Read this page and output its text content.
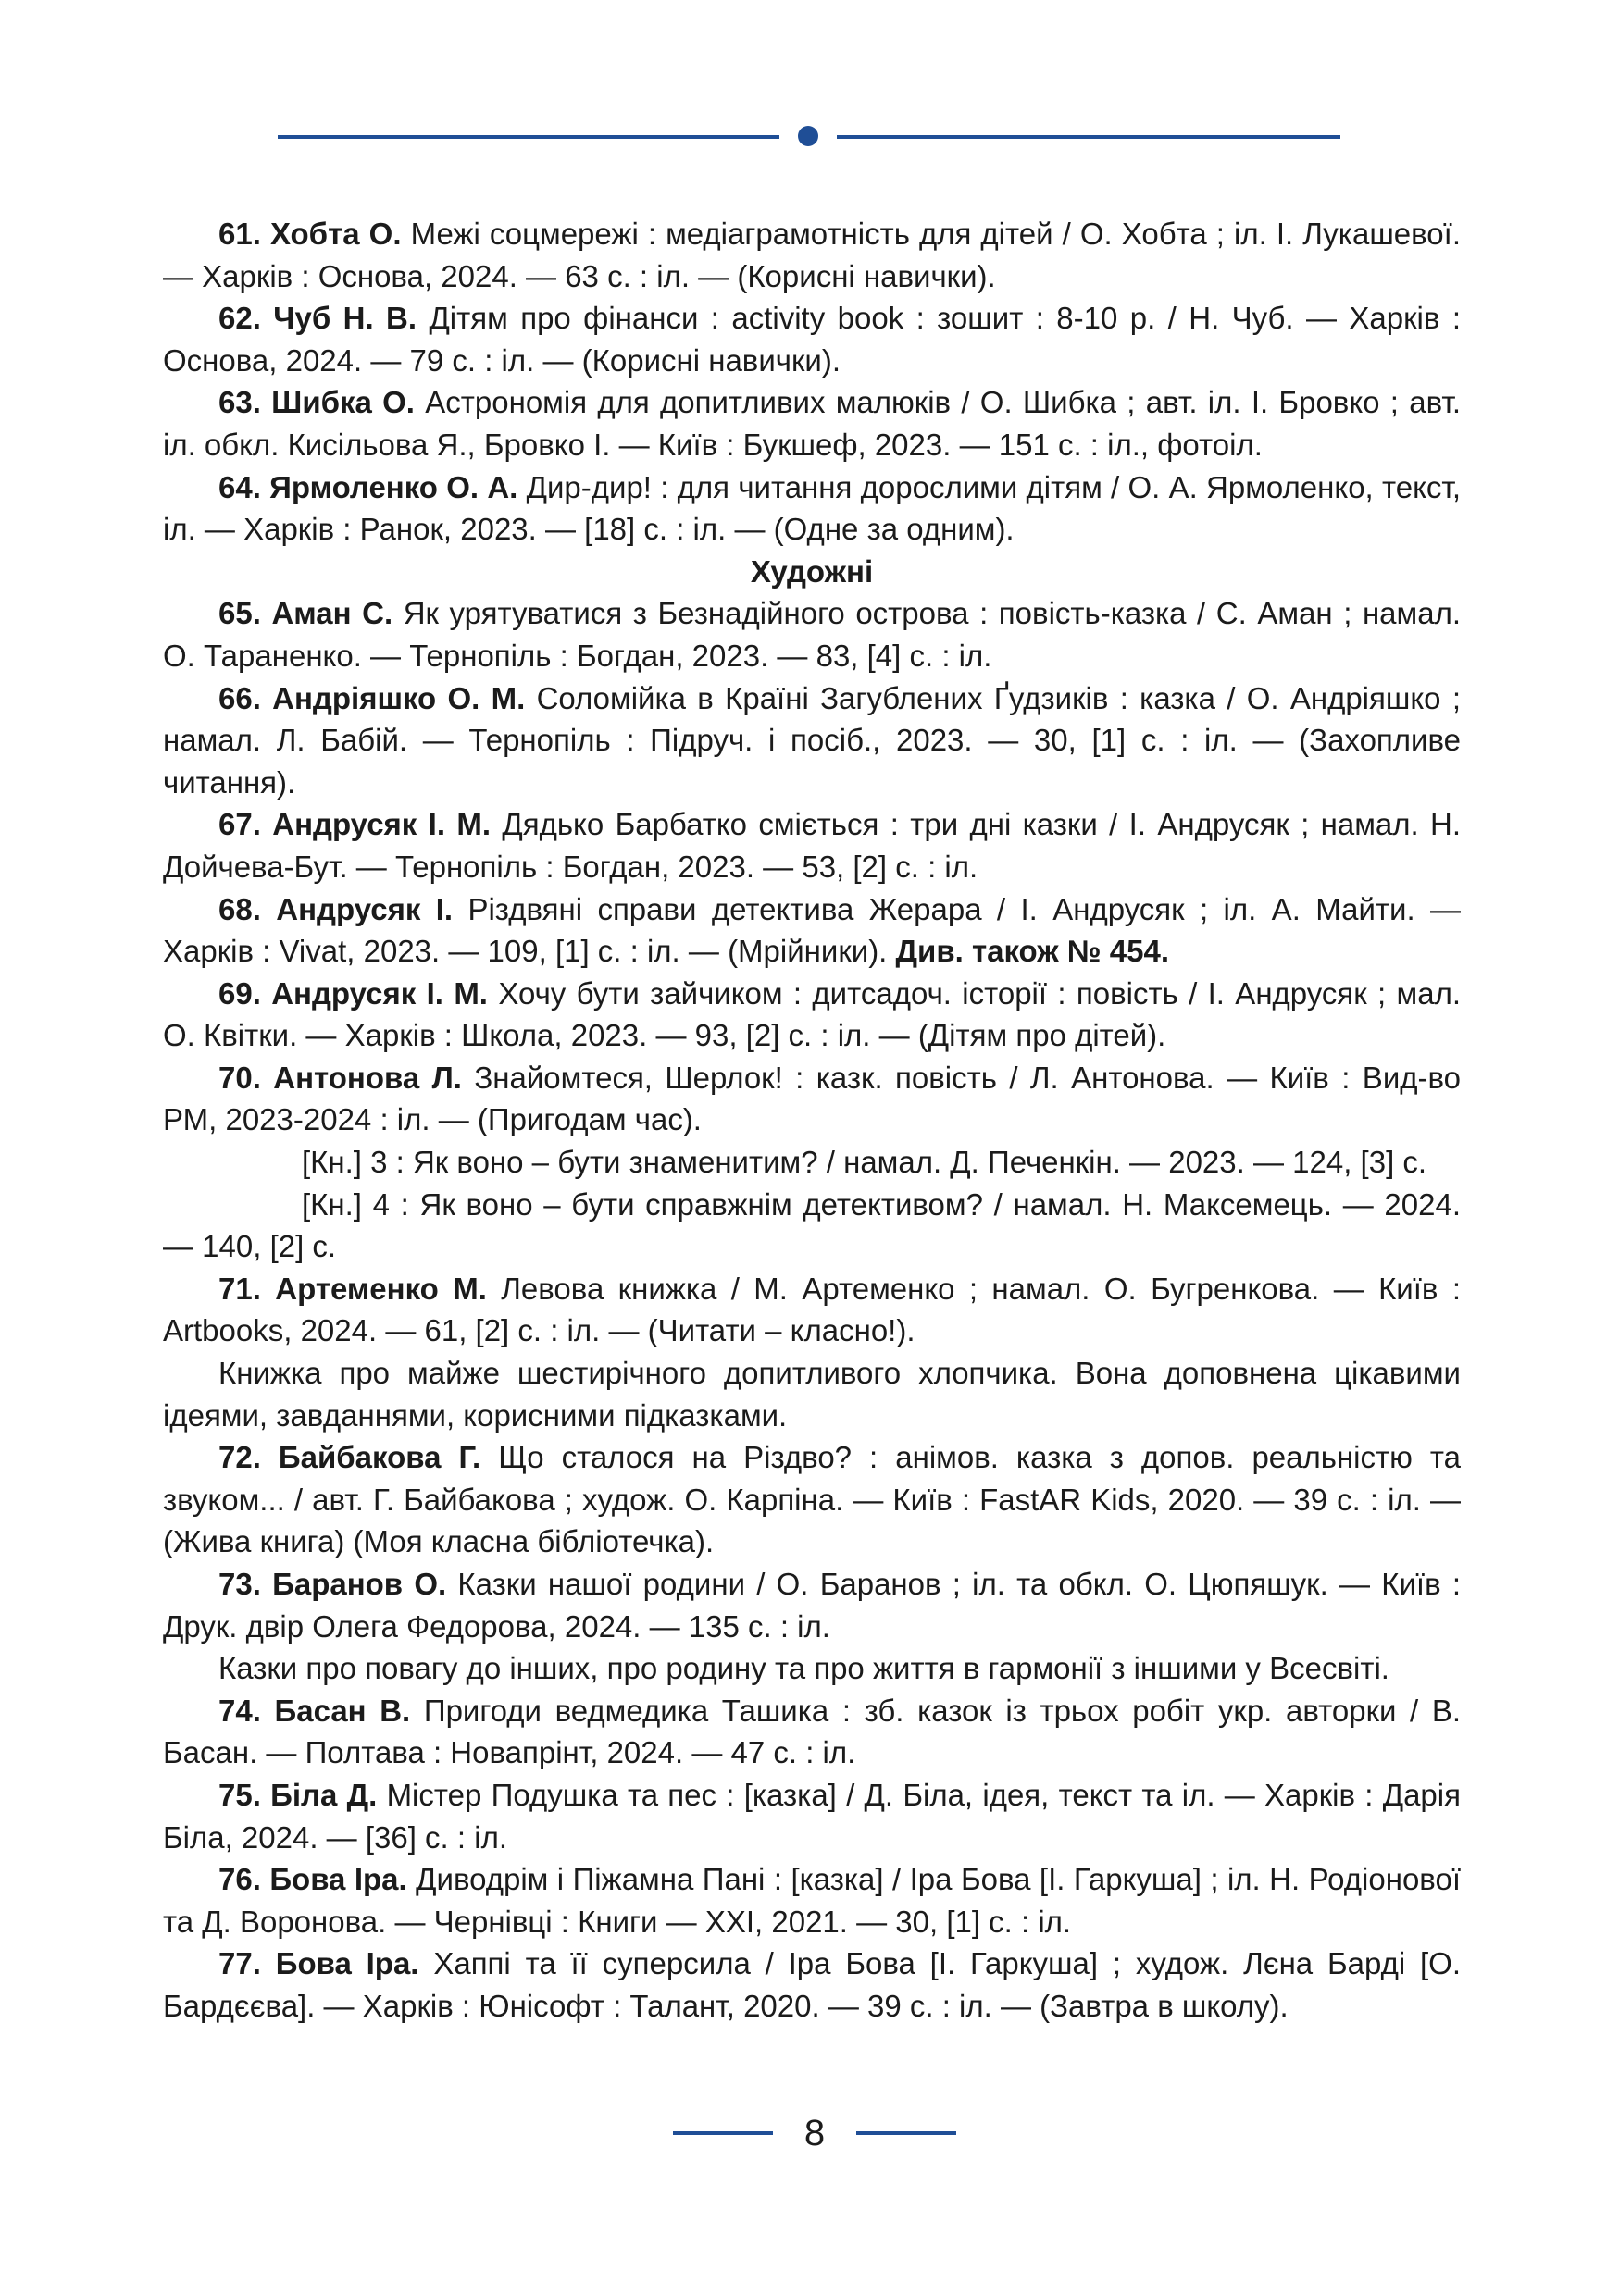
61. Хобта О. Межі соцмережі : медіаграмотність для дітей / О. Хобта ; іл. І. Лукашевої. — Харків : Основа, 2024. — 63 с. : іл. — (Корисні навички).

62. Чуб Н. В. Дітям про фінанси : activity book : зошит : 8-10 р. / Н. Чуб. — Харків : Основа, 2024. — 79 с. : іл. — (Корисні навички).

63. Шибка О. Астрономія для допитливих малюків / О. Шибка ; авт. іл. І. Бровко ; авт. іл. обкл. Кисільова Я., Бровко І. — Київ : Букшеф, 2023. — 151 с. : іл., фотоіл.

64. Ярмоленко О. А. Дир-дир! : для читання дорослими дітям / О. А. Ярмоленко, текст, іл. — Харків : Ранок, 2023. — [18] с. : іл. — (Одне за одним).

Художні

65. Аман С. Як урятуватися з Безнадійного острова : повість-казка / С. Аман ; намал. О. Тараненко. — Тернопіль : Богдан, 2023. — 83, [4] с. : іл.

66. Андріяшко О. М. Соломійка в Країні Загублених Ґудзиків : казка / О. Андріяшко ; намал. Л. Бабій. — Тернопіль : Підруч. і посіб., 2023. — 30, [1] с. : іл. — (Захопливе читання).

67. Андрусяк І. М. Дядько Барбатко сміється : три дні казки / І. Андрусяк ; намал. Н. Дойчева-Бут. — Тернопіль : Богдан, 2023. — 53, [2] с. : іл.

68. Андрусяк І. Різдвяні справи детектива Жерара / І. Андрусяк ; іл. А. Майти. — Харків : Vivat, 2023. — 109, [1] с. : іл. — (Мрійники). Див. також № 454.

69. Андрусяк І. М. Хочу бути зайчиком : дитсадоч. історії : повість / І. Андрусяк ; мал. О. Квітки. — Харків : Школа, 2023. — 93, [2] с. : іл. — (Дітям про дітей).

70. Антонова Л. Знайомтеся, Шерлок! : казк. повість / Л. Антонова. — Київ : Вид-во РМ, 2023-2024 : іл. — (Пригодам час).

[Кн.] 3 : Як воно – бути знаменитим? / намал. Д. Печенкін. — 2023. — 124, [3] с.

[Кн.] 4 : Як воно – бути справжнім детективом? / намал. Н. Максемець. — 2024. — 140, [2] с.

71. Артеменко М. Левова книжка / М. Артеменко ; намал. О. Бугренкова. — Київ : Artbooks, 2024. — 61, [2] с. : іл. — (Читати – класно!).

Книжка про майже шестирічного допитливого хлопчика. Вона доповнена цікавими ідеями, завданнями, корисними підказками.

72. Байбакова Г. Що сталося на Різдво? : анімов. казка з допов. реальністю та звуком... / авт. Г. Байбакова ; худож. О. Карпіна. — Київ : FastAR Kids, 2020. — 39 с. : іл. — (Жива книга) (Моя класна бібліотечка).

73. Баранов О. Казки нашої родини / О. Баранов ; іл. та обкл. О. Цюпяшук. — Київ : Друк. двір Олега Федорова, 2024. — 135 с. : іл.

Казки про повагу до інших, про родину та про життя в гармонії з іншими у Всесвіті.

74. Басан В. Пригоди ведмедика Ташика : зб. казок із трьох робіт укр. авторки / В. Басан. — Полтава : Новапрінт, 2024. — 47 с. : іл.

75. Біла Д. Містер Подушка та пес : [казка] / Д. Біла, ідея, текст та іл. — Харків : Дарія Біла, 2024. — [36] с. : іл.

76. Бова Іра. Диводрім і Піжамна Пані : [казка] / Іра Бова [І. Гаркуша] ; іл. Н. Родіонової та Д. Воронова. — Чернівці : Книги — ХХІ, 2021. — 30, [1] с. : іл.

77. Бова Іра. Хаппі та її суперсила / Іра Бова [І. Гаркуша] ; худож. Лєна Барді [О. Бардєєва]. — Харків : Юнісофт : Талант, 2020. — 39 с. : іл. — (Завтра в школу).

8
